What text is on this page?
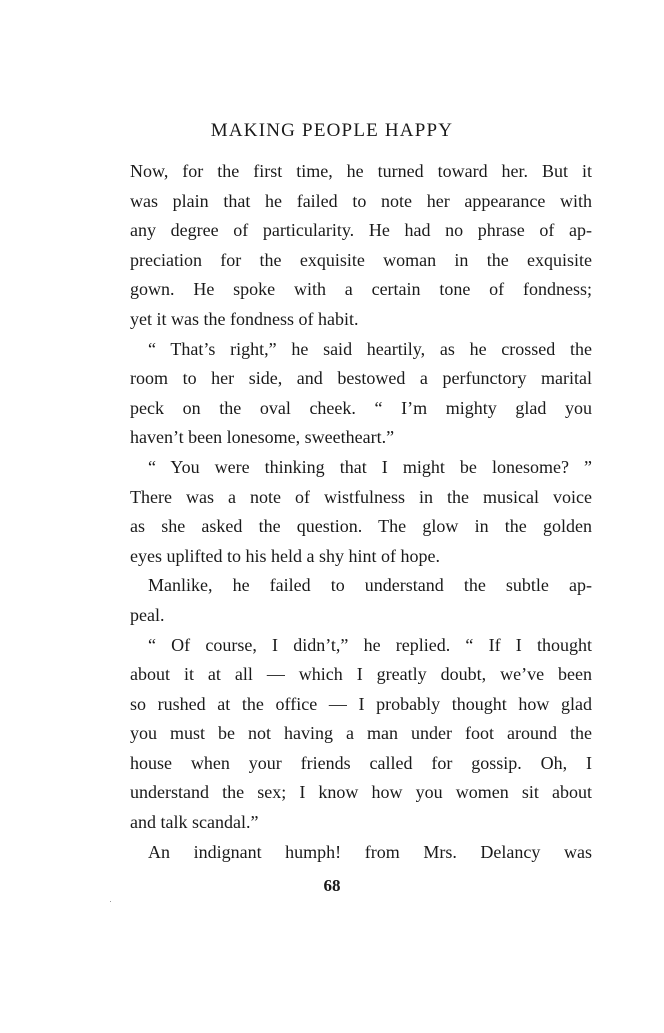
MAKING PEOPLE HAPPY
Now, for the first time, he turned toward her. But it
was plain that he failed to note her appearance with
any degree of particularity. He had no phrase of ap-
preciation for the exquisite woman in the exquisite
gown. He spoke with a certain tone of fondness;
yet it was the fondness of habit.
“ That’s right,” he said heartily, as he crossed the
room to her side, and bestowed a perfunctory marital
peck on the oval cheek. “ I’m mighty glad you
haven’t been lonesome, sweetheart.”
“ You were thinking that I might be lonesome? ”
There was a note of wistfulness in the musical voice
as she asked the question. The glow in the golden
eyes uplifted to his held a shy hint of hope.
Manlike, he failed to understand the subtle ap-
peal.
“ Of course, I didn’t,” he replied. “ If I thought
about it at all — which I greatly doubt, we’ve been
so rushed at the office — I probably thought how glad
you must be not having a man under foot around the
house when your friends called for gossip. Oh, I
understand the sex; I know how you women sit about
and talk scandal.”
An indignant humph! from Mrs. Delancy was
68
